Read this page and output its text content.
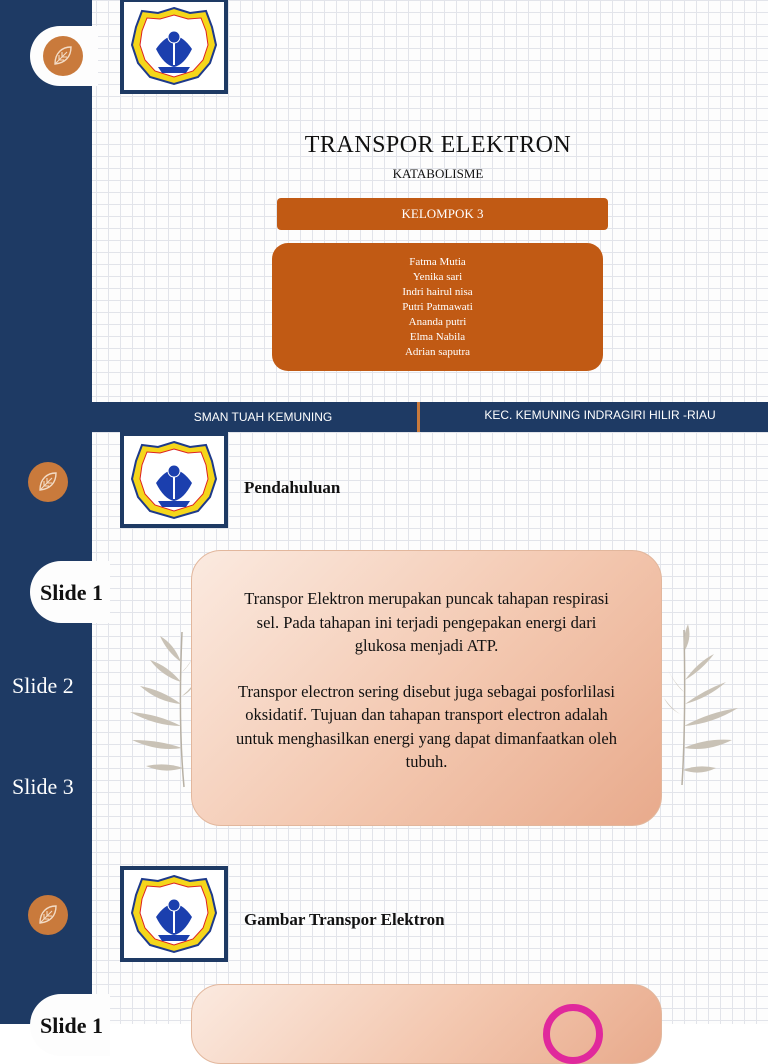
TRANSPOR ELEKTRON
KATABOLISME
KELOMPOK 3
Fatma Mutia
Yenika sari
Indri hairul nisa
Putri Patmawati
Ananda putri
Elma Nabila
Adrian saputra
SMAN TUAH KEMUNING	KEC. KEMUNING INDRAGIRI HILIR -RIAU
Pendahuluan
Slide 1
Slide 2
Slide 3

Transpor Elektron merupakan puncak tahapan respirasi sel. Pada tahapan ini terjadi pengepakan energi dari glukosa menjadi ATP.

Transpor electron sering disebut juga sebagai posforlilasi oksidatif. Tujuan dan tahapan transport electron adalah untuk menghasilkan energi yang dapat dimanfaatkan oleh tubuh.

Gambar Transpor Elektron
Slide 1
